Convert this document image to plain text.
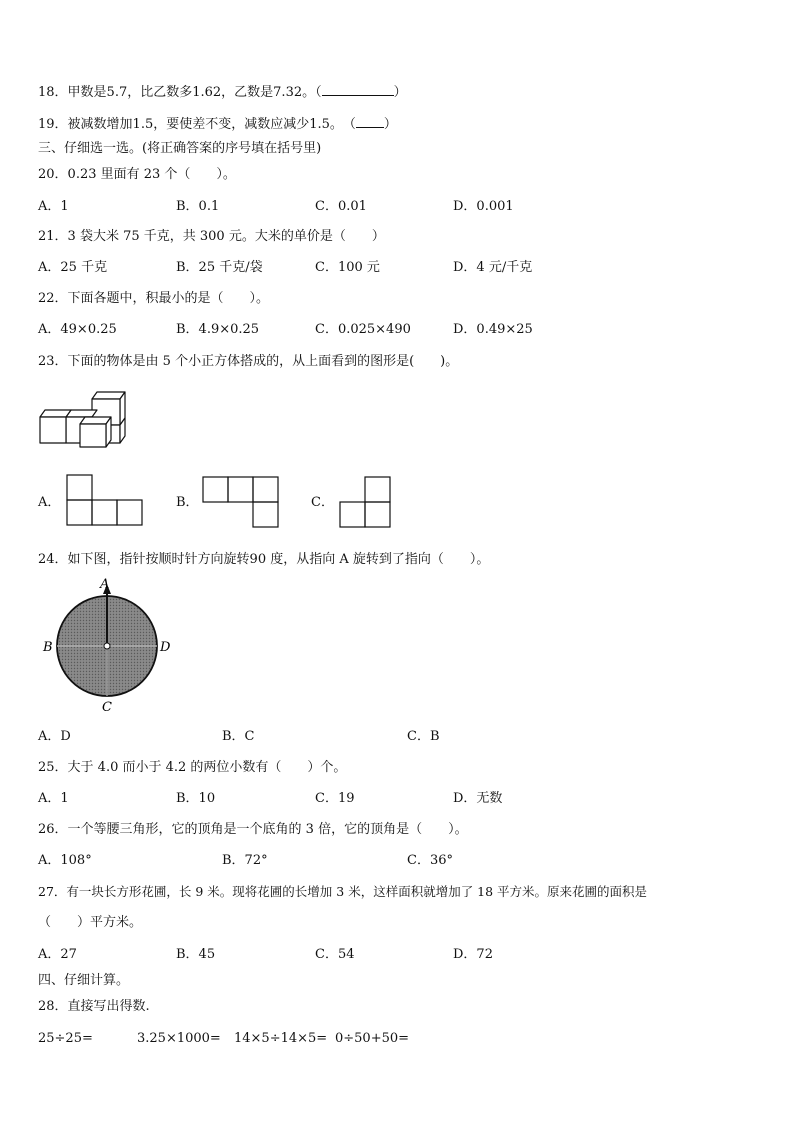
18．甲数是5.7，比乙数多1.62，乙数是7.32。（	）
19．被减数增加1.5，要使差不变，减数应减少1.5。　（ ）
三、仔细选一选。(将正确答案的序号填在括号里)
20．0.23 里面有 23 个（　　）。
A．1	B．0.1	C．0.01	D．0.001
21．3 袋大米 75 千克，共 300 元。大米的单价是（　　）
A．25 千克	B．25 千克/袋	C．100 元	D．4 元/千克
22．下面各题中，积最小的是（　　）。
A．49×0.25	B．4.9×0.25	C．0.025×490	D．0.49×25
23．下面的物体是由 5 个小正方体搭成的，从上面看到的图形是(　　)。
A．	B．	C．
24．如下图，指针按顺时针方向旋转90 度，从指向 A 旋转到了指向（　　）。
A
B	D
C
A．D	B．C	C．B
25．大于 4.0 而小于 4.2 的两位小数有（　　）个。
A．1	B．10	C．19	D．无数
26．一个等腰三角形，它的顶角是一个底角的 3 倍，它的顶角是（　　）。
A．108°	B．72°	C．36°
27．有一块长方形花圃，长 9 米。现将花圃的长增加 3 米，这样面积就增加了 18 平方米。原来花圃的面积是
（　　）平方米。
A．27	B．45	C．54	D．72
四、仔细计算。
28．直接写出得数.
25÷25=	3.25×1000= 14×5÷14×5= 0÷50+50=
